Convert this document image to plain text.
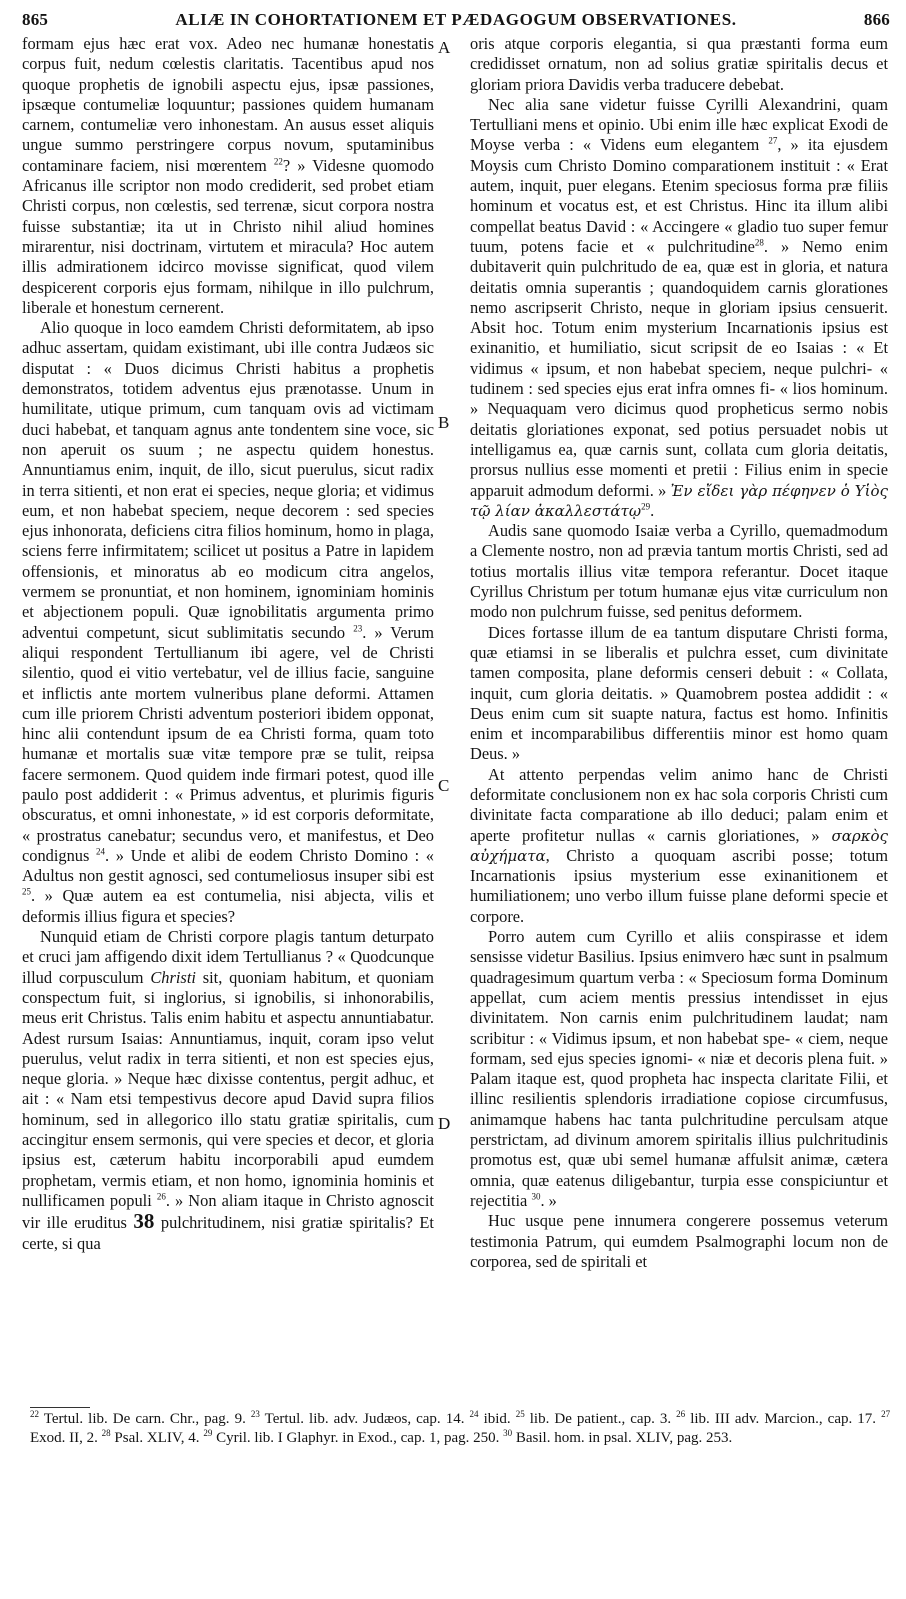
865	ALIÆ IN COHORTATIONEM ET PÆDAGOGUM OBSERVATIONES.	866

formam ejus hæc erat vox. Adeo nec humanæ honestatis corpus fuit, nedum cœlestis claritatis. Tacentibus apud nos quoque prophetis de ignobili aspectu ejus, ipsæ passiones, ipsæque contumeliæ loquuntur; passiones quidem humanam carnem, contumeliæ vero inhonestam. An ausus esset aliquis ungue summo perstringere corpus novum, sputaminibus contaminare faciem, nisi mœrentem $^{22}$? » Videsne quomodo Africanus ille scriptor non modo crediderit, sed probet etiam Christi corpus, non cœlestis, sed terrenæ, sicut corpora nostra fuisse substantiæ; ita ut in Christo nihil aliud homines mirarentur, nisi doctrinam, virtutem et miracula? Hoc autem illis admirationem idcirco movisse significat, quod vilem despicerent corporis ejus formam, nihilque in illo pulchrum, liberale et honestum cernerent.

Alio quoque in loco eamdem Christi deformitatem, ab ipso adhuc assertam, quidam existimant, ubi ille contra Judæos sic disputat : « Duos dicimus Christi habitus a prophetis demonstratos, totidem adventus ejus prænotasse. Unum in humilitate, utique primum, cum tanquam ovis ad victimam duci habebat, et tanquam agnus ante tondentem sine voce, sic non aperuit os suum ; ne aspectu quidem honestus. Annuntiamus enim, inquit, de illo, sicut puerulus, sicut radix in terra sitienti, et non erat ei species, neque gloria; et vidimus eum, et non habebat speciem, neque decorem : sed species ejus inhonorata, deficiens citra filios hominum, homo in plaga, sciens ferre infirmitatem; scilicet ut positus a Patre in lapidem offensionis, et minoratus ab eo modicum citra angelos, vermem se pronuntiat, et non hominem, ignominiam hominis et abjectionem populi. Quæ ignobilitatis argumenta primo adventui competunt, sicut sublimitatis secundo $^{23}$. » Verum aliqui respondent Tertullianum ibi agere, vel de Christi silentio, quod ei vitio vertebatur, vel de illius facie, sanguine et inflictis ante mortem vulneribus plane deformi. Attamen cum ille priorem Christi adventum posteriori ibidem opponat, hinc alii contendunt ipsum de ea Christi forma, quam toto humanæ et mortalis suæ vitæ tempore præ se tulit, reipsa facere sermonem. Quod quidem inde firmari potest, quod ille paulo post addiderit : « Primus adventus, et plurimis figuris obscuratus, et omni inhonestate, » id est corporis deformitate, « prostratus canebatur; secundus vero, et manifestus, et Deo condignus $^{24}$. » Unde et alibi de eodem Christo Domino : « Adultus non gestit agnosci, sed contumeliosus insuper sibi est $^{25}$. » Quæ autem ea est contumelia, nisi abjecta, vilis et deformis illius figura et species?

Nunquid etiam de Christi corpore plagis tantum deturpato et cruci jam affigendo dixit idem Tertullianus ? « Quodcunque illud corpusculum Christi sit, quoniam habitum, et quoniam conspectum fuit, si inglorius, si ignobilis, si inhonorabilis, meus erit Christus. Talis enim habitu et aspectu annuntiabatur. Adest rursum Isaias: Annuntiamus, inquit, coram ipso velut puerulus, velut radix in terra sitienti, et non est species ejus, neque gloria. » Neque hæc dixisse contentus, pergit adhuc, et ait : « Nam etsi tempestivus decore apud David supra filios hominum, sed in allegorico illo statu gratiæ spiritalis, cum accingitur ensem sermonis, qui vere species et decor, et gloria ipsius est, cæterum habitu incorporabili apud eumdem prophetam, vermis etiam, et non homo, ignominia hominis et nullificamen populi $^{26}$. » Non aliam itaque in Christo agnoscit vir ille eruditus 38 pulchritudinem, nisi gratiæ spiritalis? Et certe, si qua

A
B
C
D

oris atque corporis elegantia, si qua præstanti forma eum credidisset ornatum, non ad solius gratiæ spiritalis decus et gloriam priora Davidis verba traducere debebat.

Nec alia sane videtur fuisse Cyrilli Alexandrini, quam Tertulliani mens et opinio. Ubi enim ille hæc explicat Exodi de Moyse verba : « Videns eum elegantem $^{27}$, » ita ejusdem Moysis cum Christo Domino comparationem instituit : « Erat autem, inquit, puer elegans. Etenim speciosus forma præ filiis hominum et vocatus est, et est Christus. Hinc ita illum alibi compellat beatus David : « Accingere « gladio tuo super femur tuum, potens facie et « pulchritudine$^{28}$. » Nemo enim dubitaverit quin pulchritudo de ea, quæ est in gloria, et natura deitatis omnia superantis ; quandoquidem carnis glorationes nemo ascripserit Christo, neque in gloriam ipsius censuerit. Absit hoc. Totum enim mysterium Incarnationis ipsius est exinanitio, et humiliatio, sicut scripsit de eo Isaias : « Et vidimus « ipsum, et non habebat speciem, neque pulchri- « tudinem : sed species ejus erat infra omnes fi- « lios hominum. » Nequaquam vero dicimus quod propheticus sermo nobis deitatis gloriationes exponat, sed potius persuadet nobis ut intelligamus ea, quæ carnis sunt, collata cum gloria deitatis, prorsus nullius esse momenti et pretii : Filius enim in specie apparuit admodum deformi. » Ἐν εἴδει γὰρ πέφηνεν ὁ Υἱὸς τῷ λίαν ἀκαλλεστάτῳ$^{29}$.

Audis sane quomodo Isaiæ verba a Cyrillo, quemadmodum a Clemente nostro, non ad prævia tantum mortis Christi, sed ad totius mortalis illius vitæ tempora referantur. Docet itaque Cyrillus Christum per totum humanæ ejus vitæ curriculum non modo non pulchrum fuisse, sed penitus deformem.

Dices fortasse illum de ea tantum disputare Christi forma, quæ etiamsi in se liberalis et pulchra esset, cum divinitate tamen composita, plane deformis censeri debuit : « Collata, inquit, cum gloria deitatis. » Quamobrem postea addidit : « Deus enim cum sit suapte natura, factus est homo. Infinitis enim et incomparabilibus differentiis minor est homo quam Deus. »

At attento perpendas velim animo hanc de Christi deformitate conclusionem non ex hac sola corporis Christi cum divinitate facta comparatione ab illo deduci; palam enim et aperte profitetur nullas « carnis gloriationes, » σαρκὸς αὐχήματα, Christo a quoquam ascribi posse; totum Incarnationis ipsius mysterium esse exinanitionem et humiliationem; uno verbo illum fuisse plane deformi specie et corpore.

Porro autem cum Cyrillo et aliis conspirasse et idem sensisse videtur Basilius. Ipsius enimvero hæc sunt in psalmum quadragesimum quartum verba : « Speciosum forma Dominum appellat, cum aciem mentis pressius intendisset in ejus divinitatem. Non carnis enim pulchritudinem laudat; nam scribitur : « Vidimus ipsum, et non habebat spe- « ciem, neque formam, sed ejus species ignomi- « niæ et decoris plena fuit. » Palam itaque est, quod propheta hac inspecta claritate Filii, et illinc resilientis splendoris irradiatione copiose circumfusus, animamque habens hac tanta pulchritudine perculsam atque perstrictam, ad divinum amorem spiritalis illius pulchritudinis promotus est, quæ ubi semel humanæ affulsit animæ, cætera omnia, quæ eatenus diligebantur, turpia esse conspiciuntur et rejectitia $^{30}$. »

Huc usque pene innumera congerere possemus veterum testimonia Patrum, qui eumdem Psalmographi locum non de corporea, sed de spiritali et

$^{22}$ Tertul. lib. De carn. Chr., pag. 9. $^{23}$ Tertul. lib. adv. Judæos, cap. 14. $^{24}$ ibid. $^{25}$ lib. De patient., cap. 3. $^{26}$ lib. III adv. Marcion., cap. 17. $^{27}$ Exod. II, 2. $^{28}$ Psal. XLIV, 4. $^{29}$ Cyril. lib. I Glaphyr. in Exod., cap. 1, pag. 250. $^{30}$ Basil. hom. in psal. XLIV, pag. 253.
